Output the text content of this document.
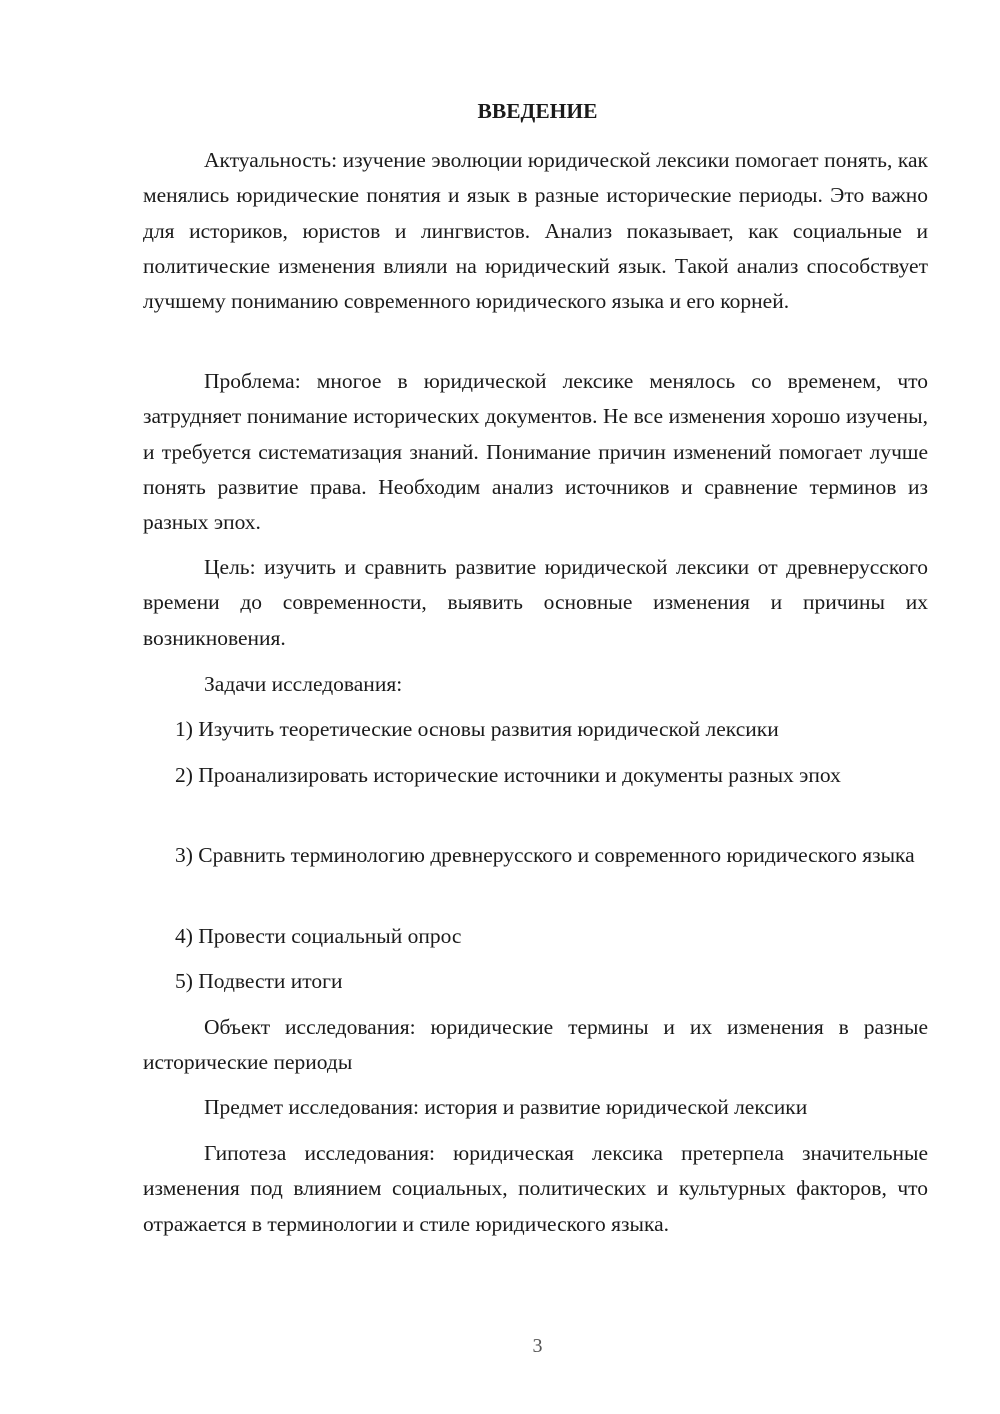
ВВЕДЕНИЕ

Актуальность: изучение эволюции юридической лексики помогает понять, как менялись юридические понятия и язык в разные исторические периоды. Это важно для историков, юристов и лингвистов. Анализ показывает, как социальные и политические изменения влияли на юридический язык. Такой анализ способствует лучшему пониманию современного юридического языка и его корней.

Проблема: многое в юридической лексике менялось со временем, что затрудняет понимание исторических документов. Не все изменения хорошо изучены, и требуется систематизация знаний. Понимание причин изменений помогает лучше понять развитие права. Необходим анализ источников и сравнение терминов из разных эпох.

Цель: изучить и сравнить развитие юридической лексики от древнерусского времени до современности, выявить основные изменения и причины их возникновения.

Задачи исследования:

1) Изучить теоретические основы развития юридической лексики

2) Проанализировать исторические источники и документы разных эпох

3) Сравнить терминологию древнерусского и современного юридического языка

4) Провести социальный опрос

5) Подвести итоги

Объект исследования: юридические термины и их изменения в разные исторические периоды

Предмет исследования: история и развитие юридической лексики

Гипотеза исследования: юридическая лексика претерпела значительные изменения под влиянием социальных, политических и культурных факторов, что отражается в терминологии и стиле юридического языка.

3
